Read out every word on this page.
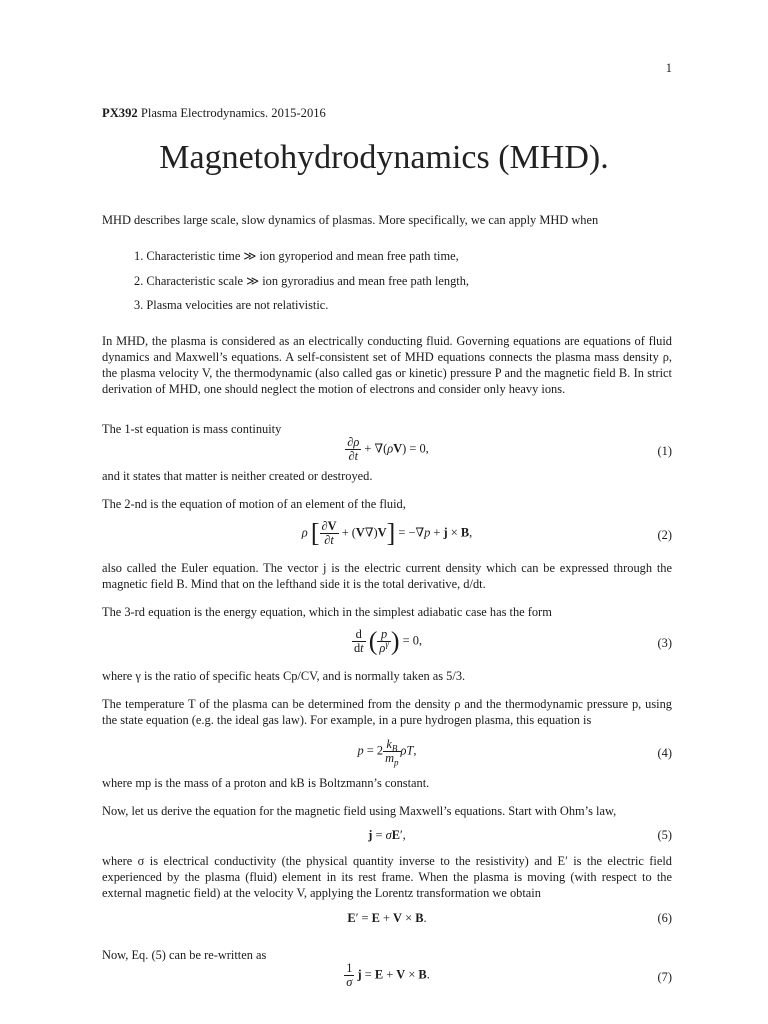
1
PX392 Plasma Electrodynamics. 2015-2016
Magnetohydrodynamics (MHD).
MHD describes large scale, slow dynamics of plasmas. More specifically, we can apply MHD when
1. Characteristic time ≫ ion gyroperiod and mean free path time,
2. Characteristic scale ≫ ion gyroradius and mean free path length,
3. Plasma velocities are not relativistic.
In MHD, the plasma is considered as an electrically conducting fluid. Governing equations are equations of fluid dynamics and Maxwell’s equations. A self-consistent set of MHD equations connects the plasma mass density ρ, the plasma velocity V, the thermodynamic (also called gas or kinetic) pressure P and the magnetic field B. In strict derivation of MHD, one should neglect the motion of electrons and consider only heavy ions.
The 1-st equation is mass continuity
$\frac{\partial\rho}{\partial t} + \nabla(\rho V) = 0$,	(1)
and it states that matter is neither created or destroyed.
The 2-nd is the equation of motion of an element of the fluid,
ρ [ $\frac{\partial V}{\partial t} + (V\nabla)V] = -\nabla p + j \times B$,	(2)
also called the Euler equation. The vector j is the electric current density which can be expressed through the magnetic field B. Mind that on the lefthand side it is the total derivative, d/dt.
The 3-rd equation is the energy equation, which in the simplest adiabatic case has the form
$\frac{d}{dt}$ ( $\frac{p}{\rho^\gamma}$ ) = 0,	(3)
where γ is the ratio of specific heats Cp/CV, and is normally taken as 5/3.
The temperature T of the plasma can be determined from the density ρ and the thermodynamic pressure p, using the state equation (e.g. the ideal gas law). For example, in a pure hydrogen plasma, this equation is
$p = 2 \frac{k_B}{m_p} \rho T$,	(4)
where mp is the mass of a proton and kB is Boltzmann’s constant.
Now, let us derive the equation for the magnetic field using Maxwell’s equations. Start with Ohm’s law,
j = σE′,	(5)
where σ is electrical conductivity (the physical quantity inverse to the resistivity) and E′ is the electric field experienced by the plasma (fluid) element in its rest frame. When the plasma is moving (with respect to the external magnetic field) at the velocity V, applying the Lorentz transformation we obtain
E′ = E + V × B.	(6)
Now, Eq. (5) can be re-written as
$\frac{1}{\sigma}$ j = E + V × B.	(7)
